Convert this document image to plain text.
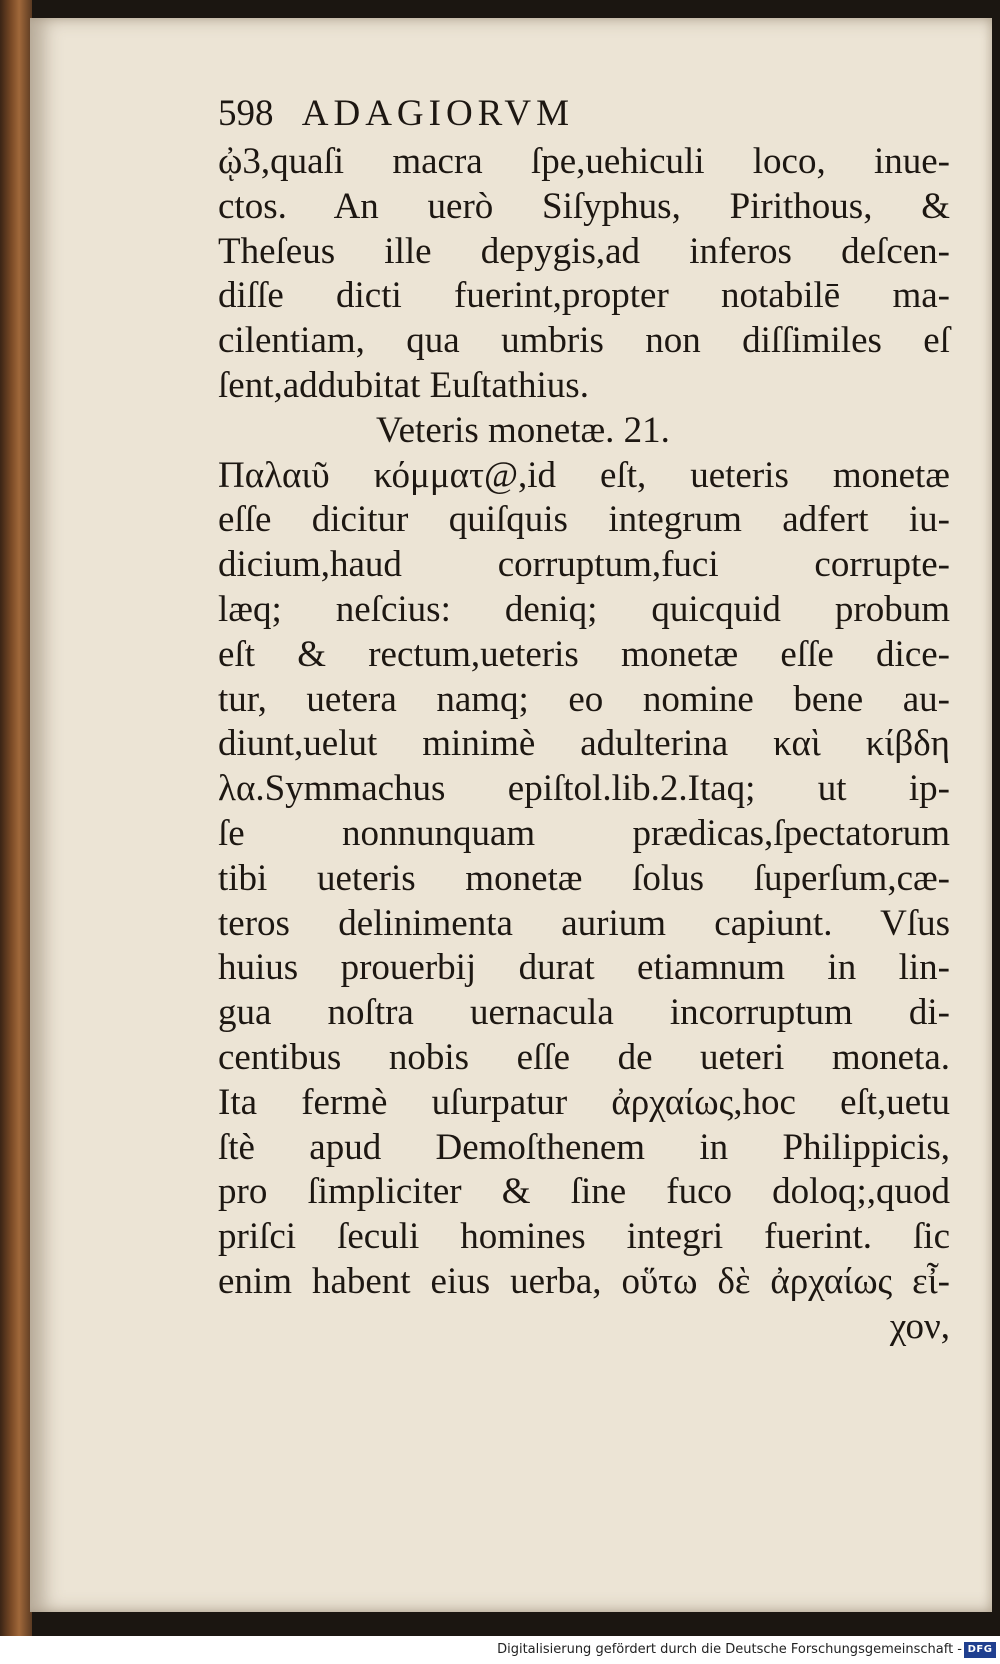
598 ADAGIORVM
ᾠ3,quaſi macra ſpe,uehiculi loco, inue-
ctos. An uerò Siſyphus, Pirithous, &
Theſeus ille depygis,ad inferos deſcen-
diſſe dicti fuerint,propter notabilē ma-
cilentiam, qua umbris non diſſimiles eſ
ſent,addubitat Euſtathius.
Veteris monetæ. 21.
Παλαιῦ κόμματ@,id eſt, ueteris monetæ
eſſe dicitur quiſquis integrum adfert iu-
dicium,haud corruptum,fuci corrupte-
læq; neſcius: deniq; quicquid probum
eſt & rectum,ueteris monetæ eſſe dice-
tur, uetera namq; eo nomine bene au-
diunt,uelut minimè adulterina καὶ κίβδη
λα.Symmachus epiſtol.lib.2.Itaq; ut ip-
ſe nonnunquam prædicas,ſpectatorum
tibi ueteris monetæ ſolus ſuperſum,cæ-
teros delinimenta aurium capiunt. Vſus
huius prouerbij durat etiamnum in lin-
gua noſtra uernacula incorruptum di-
centibus nobis eſſe de ueteri moneta.
Ita fermè uſurpatur ἀρχαίως,hoc eſt,uetu
ſtè apud Demoſthenem in Philippicis,
pro ſimpliciter & ſine fuco doloq;,quod
priſci ſeculi homines integri fuerint. ſic
enim habent eius uerba, οὕτω δὲ ἀρχαίως εἶ-
χον,
Digitalisierung gefördert durch die Deutsche Forschungsgemeinschaft - DFG
